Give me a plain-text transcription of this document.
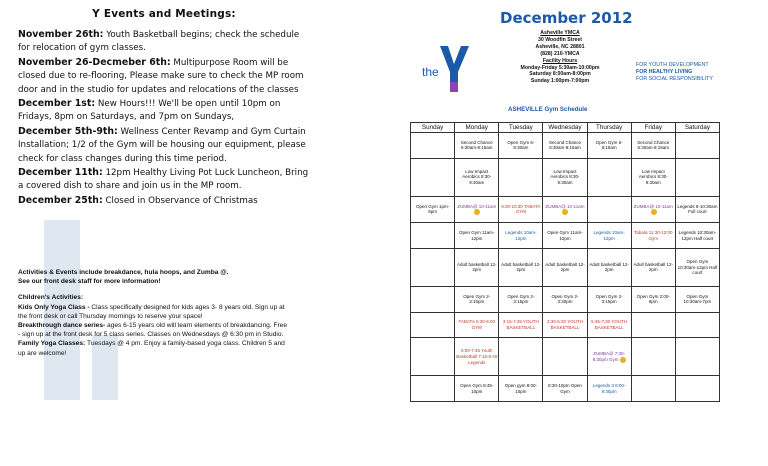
Y Events and Meetings:
November 26th: Youth Basketball begins; check the schedule for relocation of gym classes.
November 26-Decmeber 6th: Multipurpose Room will be closed due to re-flooring, Please make sure to check the MP room door and in the studio for updates and relocations of the classes
December 1st: New Hours!!! We'll be open until 10pm on Fridays, 8pm on Saturdays, and 7pm on Sundays,
December 5th-9th: Wellness Center Revamp and Gym Curtain Installation; 1/2 of the Gym will be housing our equipment, please check for class changes during this time period.
December 11th: 12pm Healthy Living Pot Luck Luncheon, Bring a covered dish to share and join us in the MP room.
December 25th: Closed in Observance of Christmas

Activities & Events include breakdance, hula hoops, and Zumba @.

See our front desk staff for more information!

Children's Activities:

Kids Only Yoga Class - Class specifically designed for kids ages 3- 8 years old. Sign up at the front desk or call Thursday mornings to reserve your space!

Breakthrough dance series- ages 6-15 years old will learn elements of breakdancing. Free - sign up at the front desk for 5 class series. Classes on Wednesdays @ 6:30 pm in Studio.

Family Yoga Classes: Tuesdays @ 4 pm. Enjoy a family-based yoga class. Children 5 and up are welcome!

December 2012
Asheville YMCA
30 Woodfin Street
Asheville, NC 28801
(828) 210-YMCA
Facility Hours
Monday-Friday 5:30am-10:00pm
Saturday 8:00am-8:00pm
Sunday 1:00pm-7:00pm
the	FOR YOUTH DEVELOPMENT
FOR HEALTHY LIVING
FOR SOCIAL RESPONSIBILITY
ASHEVILLE Gym Schedule
Sunday	Monday	Tuesday	Wednesday	Thursday	Friday	Saturday
	Second Chance 6:30am-8:15am	Open Gym 6-8:30am	Second Chance 6:30am-8:15am	Open Gym 6-8:15am	Second Chance 6:30am-8:15am	
	Low Impact Aerobics 8:30-9:30am		Low Impact Aerobics 8:30-9:30am		Low Impact Aerobics 8:30-9:30am	
Open Gym 1pm-6pm	ZUMBA@ 10-11am	9:30-10:30 TABATA GYM	ZUMBA@ 10-11am		ZUMBA@ 10-11am	Legends 8-10:30am Full court
	Open Gym 11am-12pm	Legends 10am-12pm	Open Gym 11am-12pm	Legends 10am-12pm	Tabata 11:30-12:00 Gym	Legends 10:30am-12pm Half court
	Adult basketball 12-2pm	Adult basketball 12-2pm	Adult basketball 12-2pm	Adult basketball 12-2pm	Adult basketball 12-2pm	Open Gym 10:30am-12pm Half court
	Open Gym 2-3:15pm	Open Gym 2-3:15pm	Open Gym 2-3:30pm	Open Gym 2-3:15pm	Open Gym 2:00-8pm	Open Gym 10:30am-7pm
	TABATA 5:30-6:00 GYM	3:15-7:45 YOUTH BASKETBALL	3:30-5:30 YOUTH BASKETBALL	5:45-7:30 YOUTH BASKETBALL		
	5:00-7:45 Youth Basketball 7:15-9:45 Legends			ZUMBA@ 7:30-8:30pm Gym		
	Open Gym 8:45-10pm	Open gym 8:00-10pm	8:30-10pm Open Gym	Legends 3 8:00-9:30pm		
